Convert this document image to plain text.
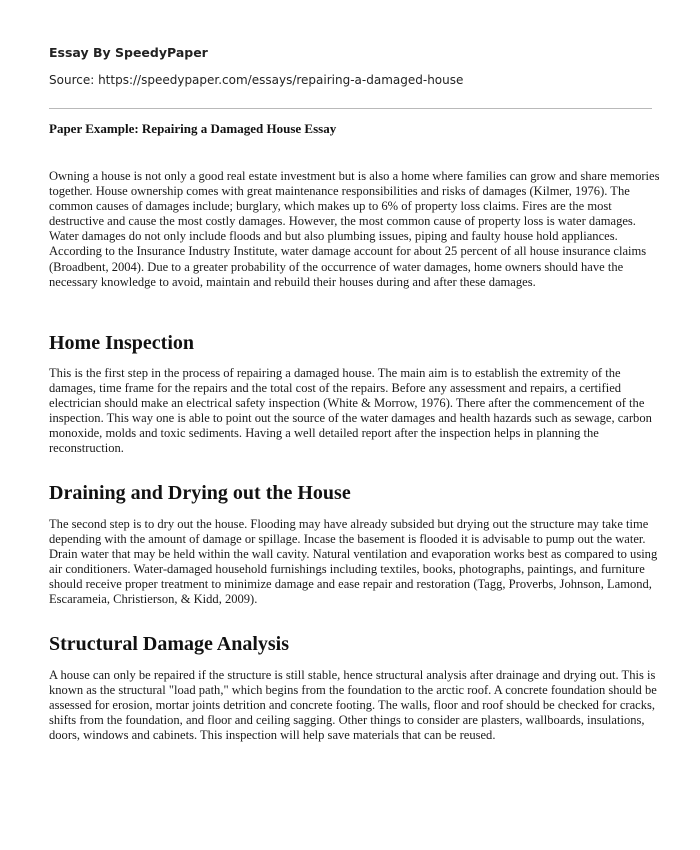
Essay By SpeedyPaper

Source: https://speedypaper.com/essays/repairing-a-damaged-house

Paper Example: Repairing a Damaged House Essay

Owning a house is not only a good real estate investment but is also a home where families can grow and share memories together. House ownership comes with great maintenance responsibilities and risks of damages (Kilmer, 1976). The common causes of damages include; burglary, which makes up to 6% of property loss claims. Fires are the most destructive and cause the most costly damages. However, the most common cause of property loss is water damages. Water damages do not only include floods and but also plumbing issues, piping and faulty house hold appliances. According to the Insurance Industry Institute, water damage account for about 25 percent of all house insurance claims (Broadbent, 2004). Due to a greater probability of the occurrence of water damages, home owners should have the necessary knowledge to avoid, maintain and rebuild their houses during and after these damages.

Home Inspection

This is the first step in the process of repairing a damaged house. The main aim is to establish the extremity of the damages, time frame for the repairs and the total cost of the repairs. Before any assessment and repairs, a certified electrician should make an electrical safety inspection (White & Morrow, 1976). There after the commencement of the inspection. This way one is able to point out the source of the water damages and health hazards such as sewage, carbon monoxide, molds and toxic sediments. Having a well detailed report after the inspection helps in planning the reconstruction.

Draining and Drying out the House

The second step is to dry out the house. Flooding may have already subsided but drying out the structure may take time depending with the amount of damage or spillage. Incase the basement is flooded it is advisable to pump out the water. Drain water that may be held within the wall cavity. Natural ventilation and evaporation works best as compared to using air conditioners. Water-damaged household furnishings including textiles, books, photographs, paintings, and furniture should receive proper treatment to minimize damage and ease repair and restoration (Tagg, Proverbs, Johnson, Lamond, Escarameia, Christierson, & Kidd, 2009).

Structural Damage Analysis

A house can only be repaired if the structure is still stable, hence structural analysis after drainage and drying out. This is known as the structural "load path," which begins from the foundation to the arctic roof. A concrete foundation should be assessed for erosion, mortar joints detrition and concrete footing. The walls, floor and roof should be checked for cracks, shifts from the foundation, and floor and ceiling sagging. Other things to consider are plasters, wallboards, insulations, doors, windows and cabinets. This inspection will help save materials that can be reused.
